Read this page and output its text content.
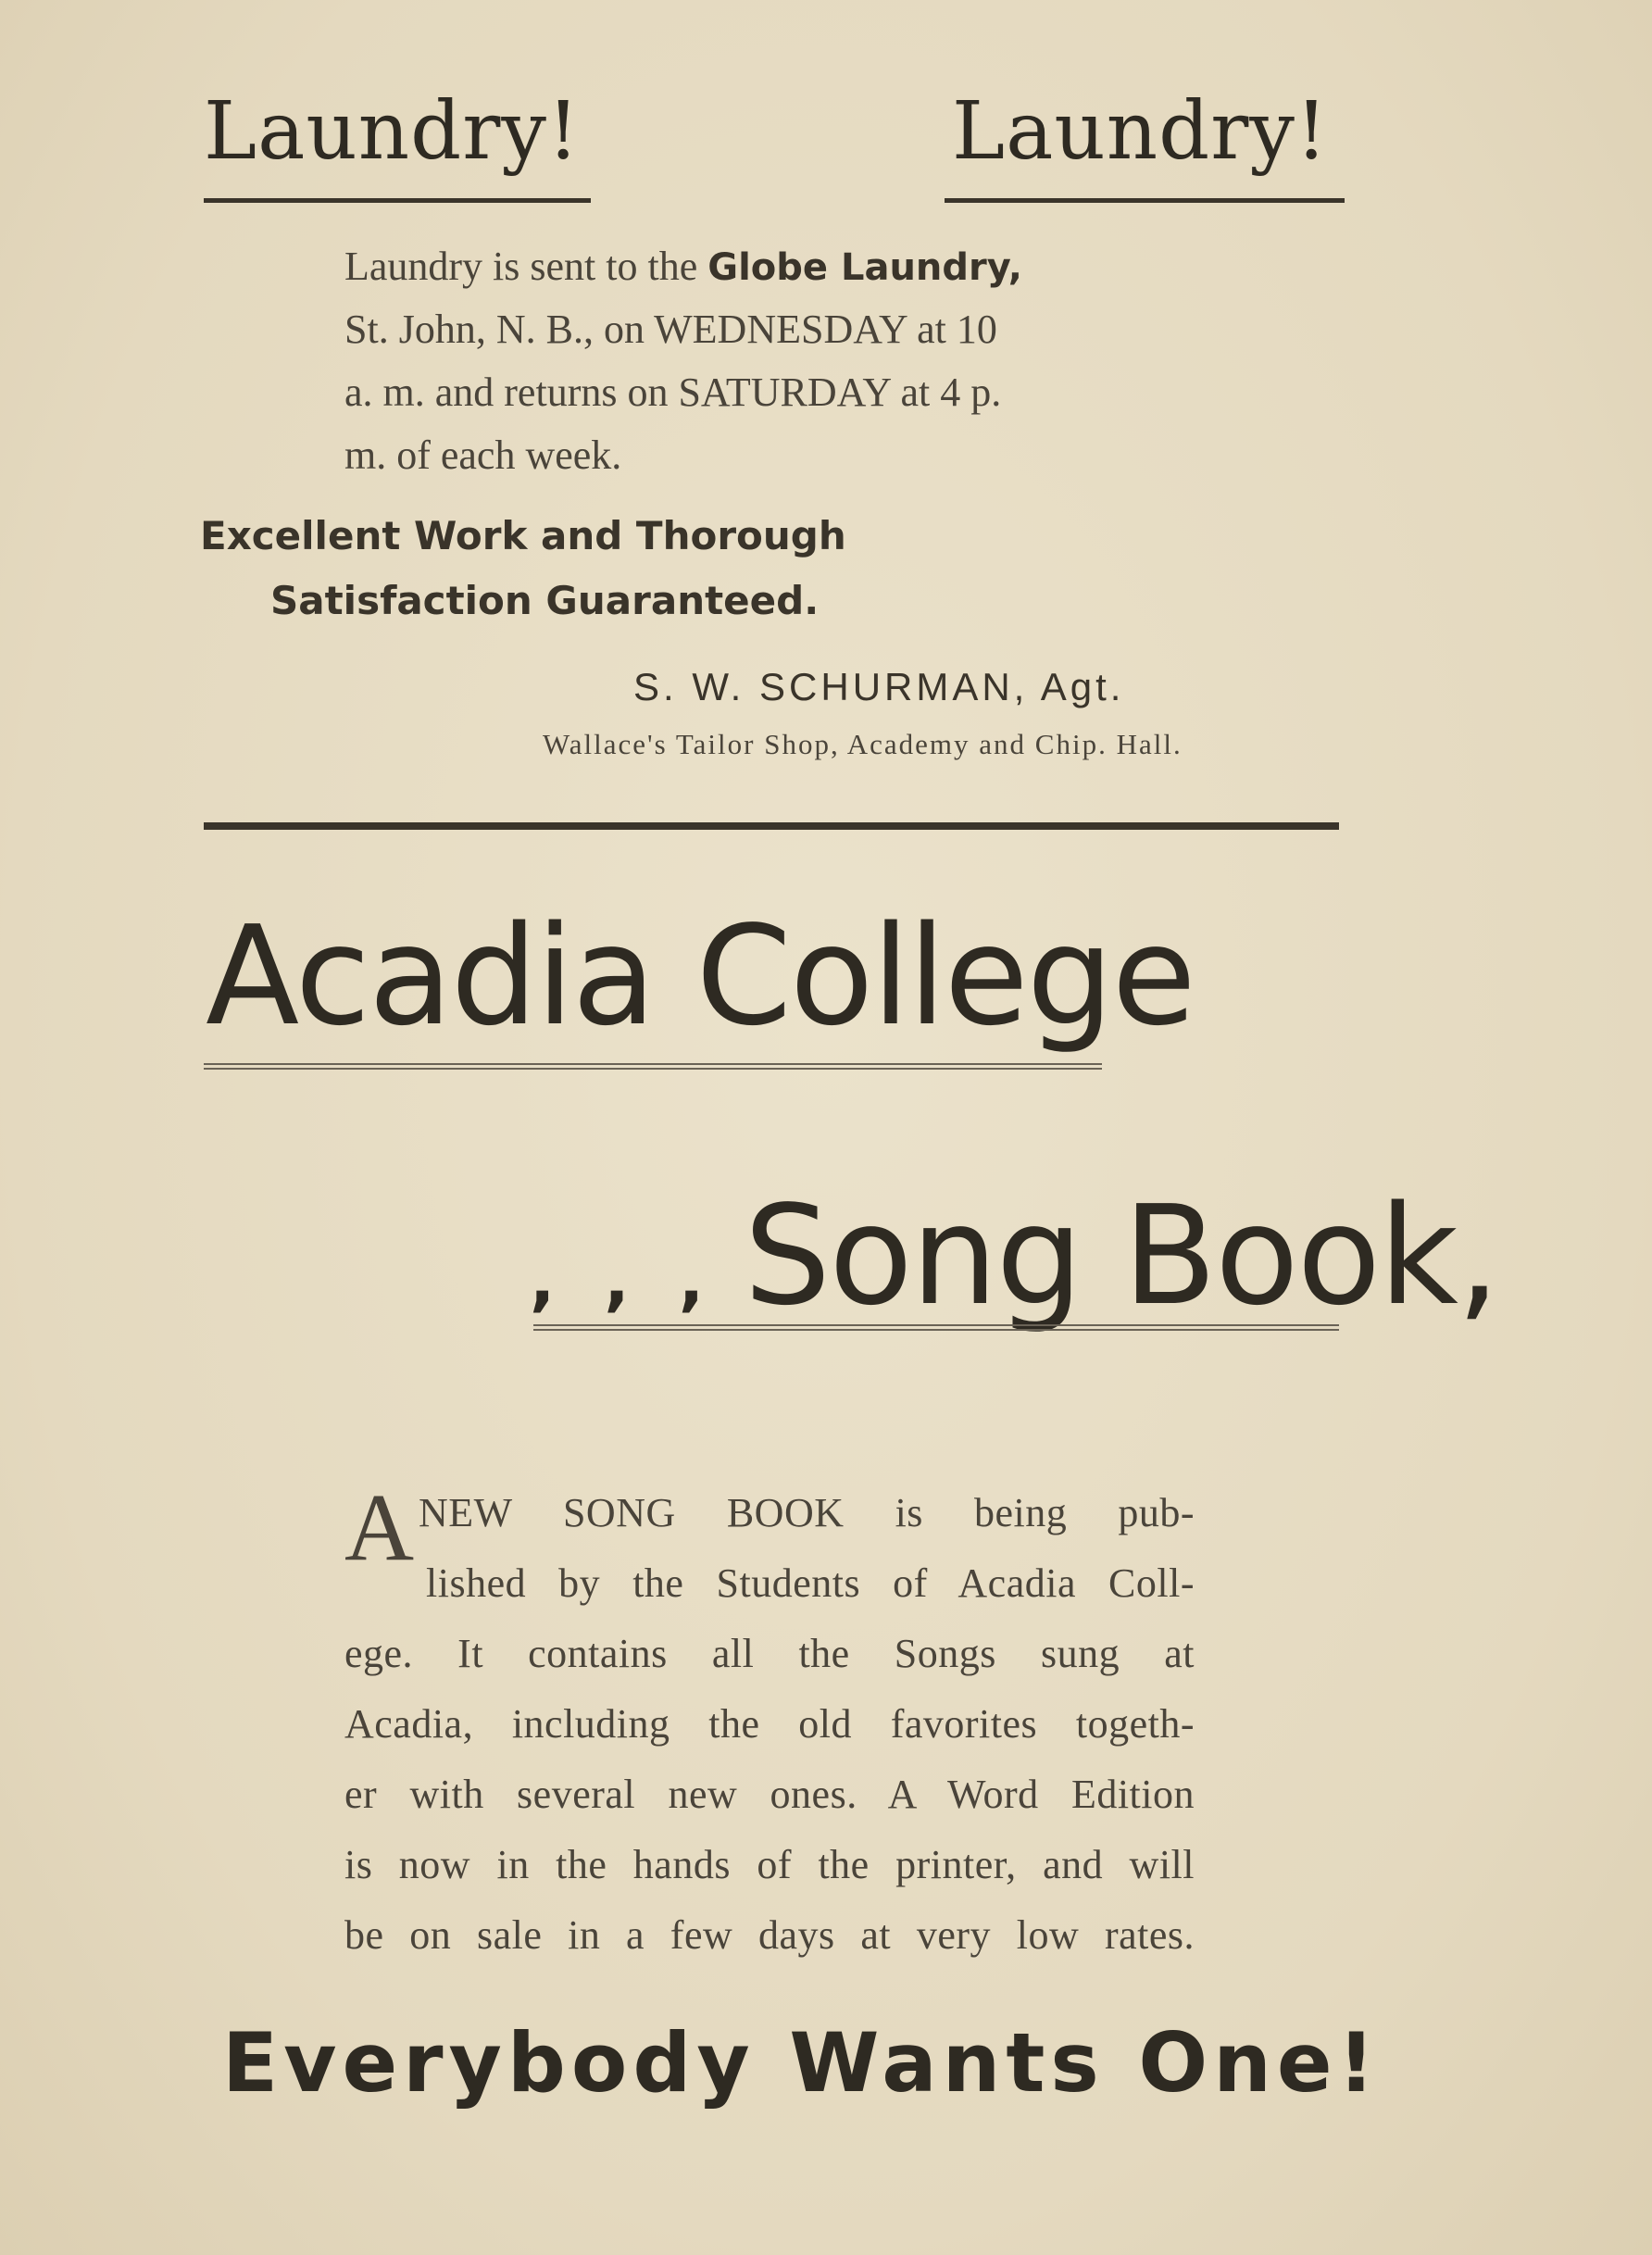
Laundry!	Laundry!
Laundry is sent to the Globe Laundry,
St. John, N. B., on WEDNESDAY at 10
a. m. and returns on SATURDAY at 4 p.
m. of each week.
Excellent Work and Thorough
Satisfaction Guaranteed.
S. W. SCHURMAN, Agt.
Wallace's Tailor Shop, Academy and Chip. Hall.
Acadia College
, , , Song Book,
A NEW SONG BOOK is being pub-
lished by the Students of Acadia Coll-
ege. It contains all the Songs sung at
Acadia, including the old favorites togeth-
er with several new ones. A Word Edition
is now in the hands of the printer, and will
be on sale in a few days at very low rates.
Everybody Wants One!
